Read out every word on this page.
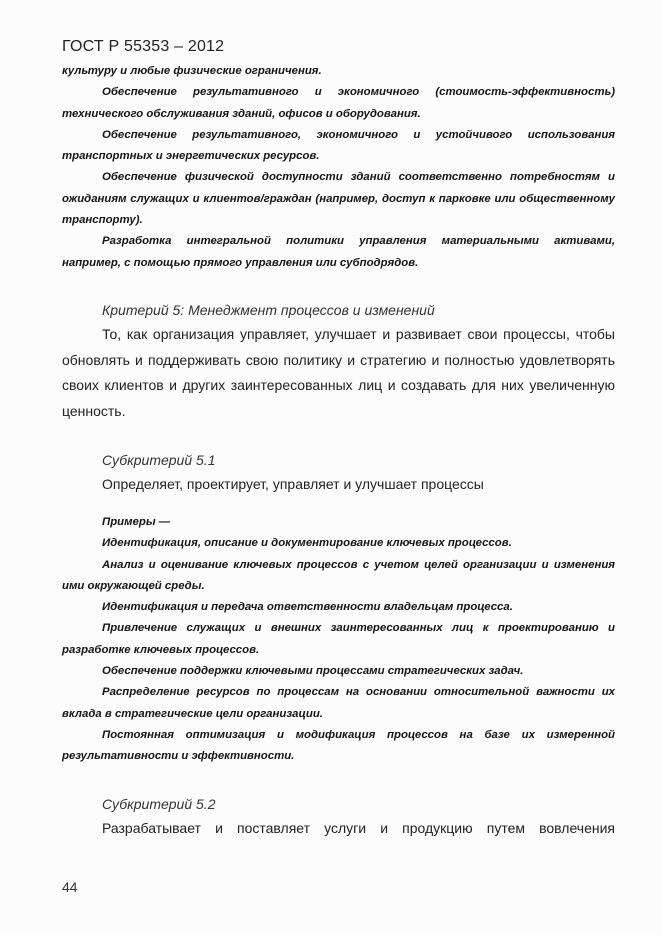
ГОСТ Р 55353 – 2012

культуру и любые физические ограничения.

Обеспечение результативного и экономичного (стоимость-эффективность) технического обслуживания зданий, офисов и оборудования.

Обеспечение результативного, экономичного и устойчивого использования транспортных и энергетических ресурсов.

Обеспечение физической доступности зданий соответственно потребностям и ожиданиям служащих и клиентов/граждан (например, доступ к парковке или общественному транспорту).

Разработка интегральной политики управления материальными активами, например, с помощью прямого управления или субподрядов.

Критерий 5: Менеджмент процессов и изменений

То, как организация управляет, улучшает и развивает свои процессы, чтобы обновлять и поддерживать свою политику и стратегию и полностью удовлетворять своих клиентов и других заинтересованных лиц и создавать для них увеличенную ценность.

Субкритерий 5.1

Определяет, проектирует, управляет и улучшает процессы

Примеры —

Идентификация, описание и документирование ключевых процессов.

Анализ и оценивание ключевых процессов с учетом целей организации и изменения ими окружающей среды.

Идентификация и передача ответственности владельцам процесса.

Привлечение служащих и внешних заинтересованных лиц к проектированию и разработке ключевых процессов.

Обеспечение поддержки ключевыми процессами стратегических задач.

Распределение ресурсов по процессам на основании относительной важности их вклада в стратегические цели организации.

Постоянная оптимизация и модификация процессов на базе их измеренной результативности и эффективности.

Субкритерий 5.2

Разрабатывает и поставляет услуги и продукцию путем вовлечения

44
